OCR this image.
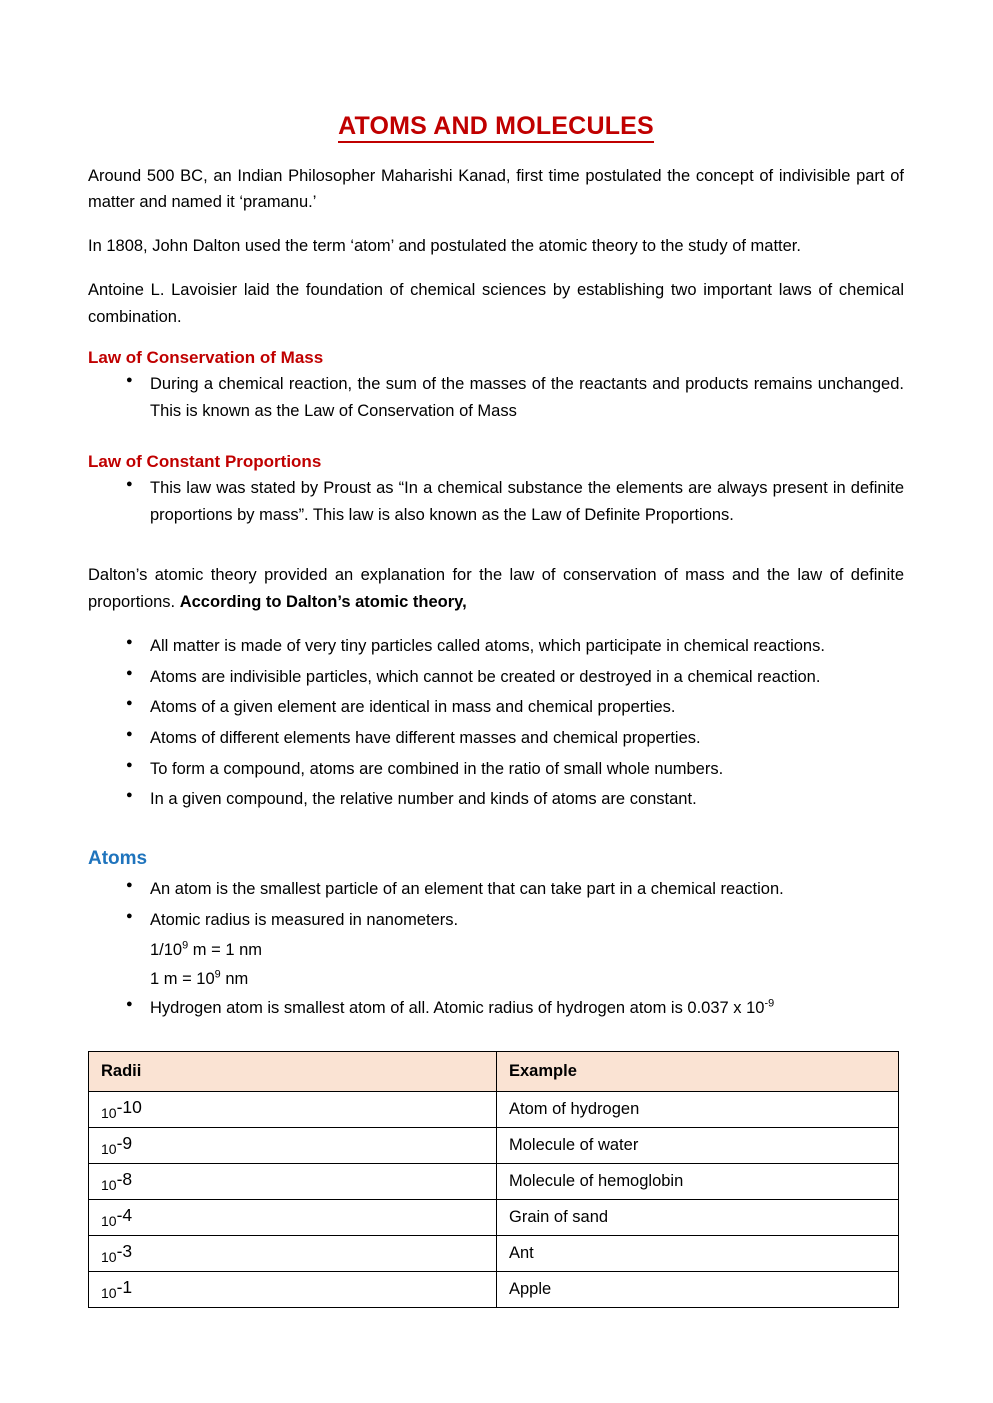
ATOMS AND MOLECULES

Around 500 BC, an Indian Philosopher Maharishi Kanad, first time postulated the concept of indivisible part of matter and named it ‘pramanu.’

In 1808, John Dalton used the term ‘atom’ and postulated the atomic theory to the study of matter.

Antoine L. Lavoisier laid the foundation of chemical sciences by establishing two important laws of chemical combination.

Law of Conservation of Mass
● During a chemical reaction, the sum of the masses of the reactants and products remains unchanged. This is known as the Law of Conservation of Mass
Law of Constant Proportions
● This law was stated by Proust as “In a chemical substance the elements are always present in definite proportions by mass”. This law is also known as the Law of Definite Proportions.

Dalton’s atomic theory provided an explanation for the law of conservation of mass and the law of definite proportions. According to Dalton’s atomic theory,

● All matter is made of very tiny particles called atoms, which participate in chemical reactions.
● Atoms are indivisible particles, which cannot be created or destroyed in a chemical reaction.
● Atoms of a given element are identical in mass and chemical properties.
● Atoms of different elements have different masses and chemical properties.
● To form a compound, atoms are combined in the ratio of small whole numbers.
● In a given compound, the relative number and kinds of atoms are constant.
Atoms
● An atom is the smallest particle of an element that can take part in a chemical reaction.
● Atomic radius is measured in nanometers.
$1/10^9$ m = 1 nm
1 $m = 10^9$ nm
● Hydrogen atom is smallest atom of all. Atomic radius of hydrogen atom is 0.037 x $10^{-9}$
Radii	Example
$_{10^{-10}}$	Atom of hydrogen
$_{10^{-9}}$	Molecule of water
$_{10^{-8}}$	Molecule of hemoglobin
$_{10^{-4}}$	Grain of sand
$_{10^{-3}}$	Ant
$_{10^{-1}}$	Apple
